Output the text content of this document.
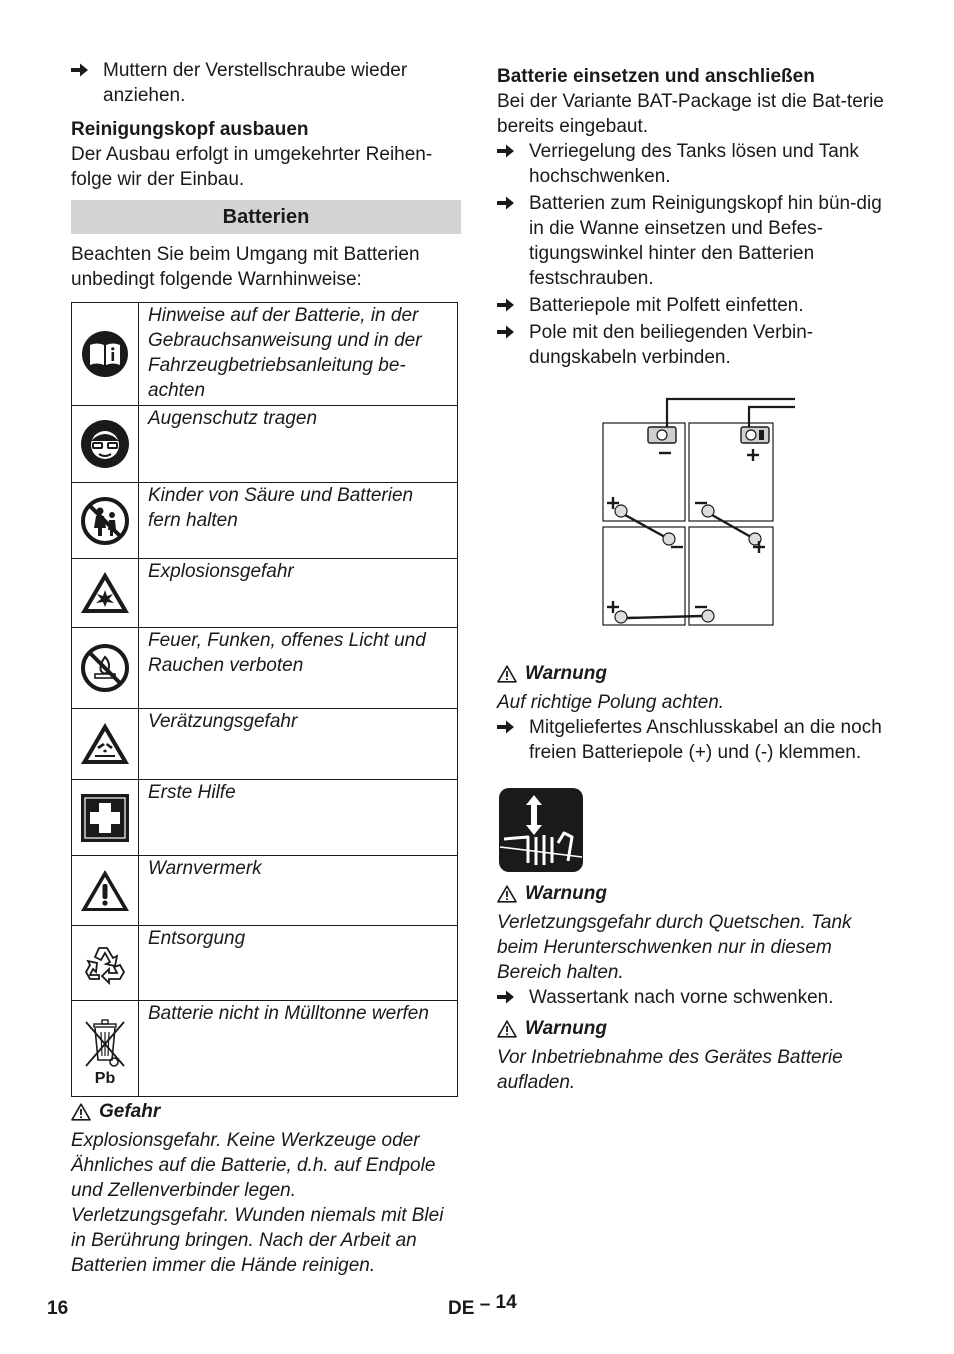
Muttern der Verstellschraube wieder anziehen.

Reinigungskopf ausbauen

Der Ausbau erfolgt in umgekehrter Reihen-folge wir der Einbau.

Batterien

Beachten Sie beim Umgang mit Batterien unbedingt folgende Warnhinweise:

	Hinweise auf der Batterie, in der Gebrauchsanweisung und in der Fahrzeugbetriebsanleitung be-achten

	Augenschutz tragen

	Kinder von Säure und Batterien fern halten

	Explosionsgefahr

	Feuer, Funken, offenes Licht und Rauchen verboten

	Verätzungsgefahr

	Erste Hilfe

	Warnvermerk

	Entsorgung

Pb	Batterie nicht in Mülltonne werfen

Gefahr

Explosionsgefahr. Keine Werkzeuge oder Ähnliches auf die Batterie, d.h. auf Endpole und Zellenverbinder legen.

Verletzungsgefahr. Wunden niemals mit Blei in Berührung bringen. Nach der Arbeit an Batterien immer die Hände reinigen.

Batterie einsetzen und anschließen

Bei der Variante BAT-Package ist die Bat-terie bereits eingebaut.

Verriegelung des Tanks lösen und Tank hochschwenken.

Batterien zum Reinigungskopf hin bün-dig in die Wanne einsetzen und Befes-tigungswinkel hinter den Batterien festschrauben.

Batteriepole mit Polfett einfetten.

Pole mit den beiliegenden Verbin-dungskabeln verbinden.

Warnung

Auf richtige Polung achten.

Mitgeliefertes Anschlusskabel an die noch freien Batteriepole (+) und (-) klemmen.

Warnung

Verletzungsgefahr durch Quetschen. Tank beim Herunterschwenken nur in diesem Bereich halten.

Wassertank nach vorne schwenken.

Warnung

Vor Inbetriebnahme des Gerätes Batterie aufladen.

16	DE – 14
